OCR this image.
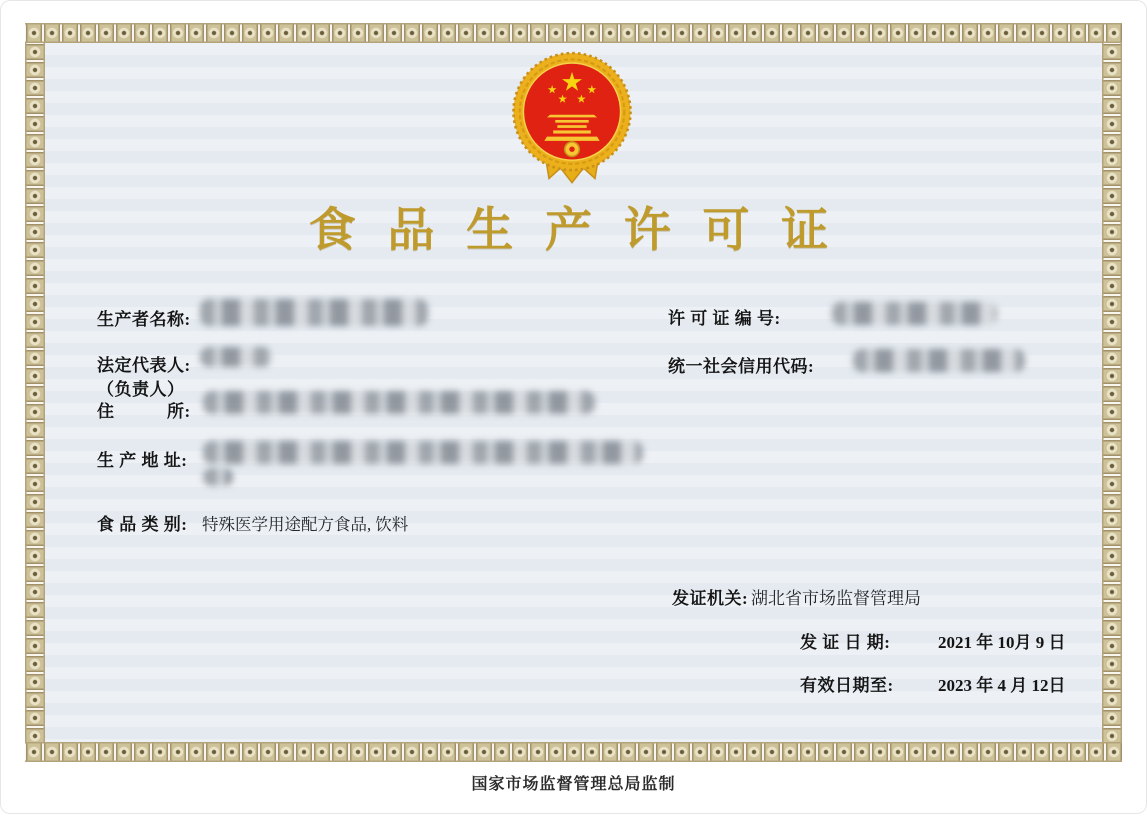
食 品 生 产 许 可 证
生产者名称:
法定代表人:
（负责人）
住　　　所:
生 产 地 址:
食 品 类 别: 特殊医学用途配方食品, 饮料
许 可 证 编 号:
统一社会信用代码:
发证机关: 湖北省市场监督管理局
发 证 日 期:	2021 年 10月 9 日
有效日期至:	2023 年 4 月 12日
国家市场监督管理总局监制
